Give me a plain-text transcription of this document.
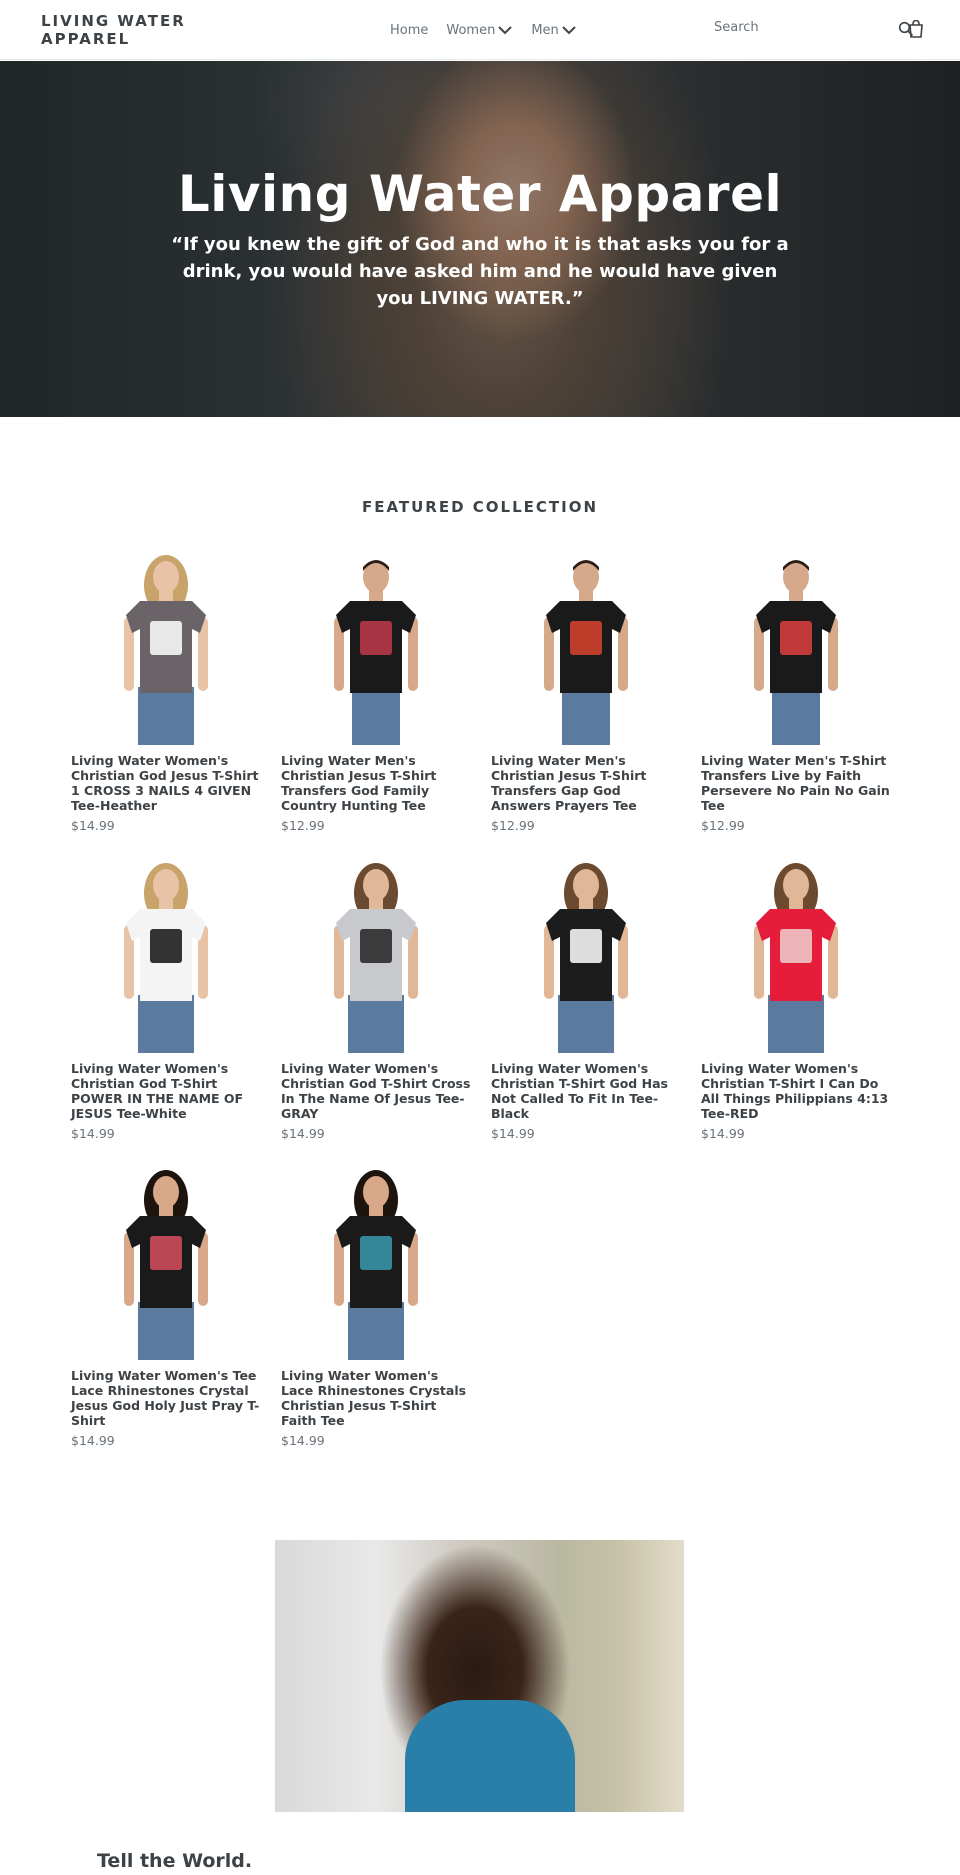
LIVING WATER APPAREL	Home Women	Men	Search
Living Water Apparel
“If you knew the gift of God and who it is that asks you for a drink, you would have asked him and he would have given you LIVING WATER.”
FEATURED COLLECTION
Living Water Women's Christian God Jesus T-Shirt 1 CROSS 3 NAILS 4 GIVEN Tee-Heather
$14.99
Living Water Men's Christian Jesus T-Shirt Transfers God Family Country Hunting Tee
$12.99
Living Water Men's Christian Jesus T-Shirt Transfers Gap God Answers Prayers Tee
$12.99
Living Water Men's T-Shirt Transfers Live by Faith Persevere No Pain No Gain Tee
$12.99
Living Water Women's Christian God T-Shirt POWER IN THE NAME OF JESUS Tee-White
$14.99
Living Water Women's Christian God T-Shirt Cross In The Name Of Jesus Tee-GRAY
$14.99
Living Water Women's Christian T-Shirt God Has Not Called To Fit In Tee-Black
$14.99
Living Water Women's Christian T-Shirt I Can Do All Things Philippians 4:13 Tee-RED
$14.99
Living Water Women's Tee Lace Rhinestones Crystal Jesus God Holy Just Pray T-Shirt
$14.99
Living Water Women's Lace Rhinestones Crystals Christian Jesus T-Shirt Faith Tee
$14.99
Tell the World.
